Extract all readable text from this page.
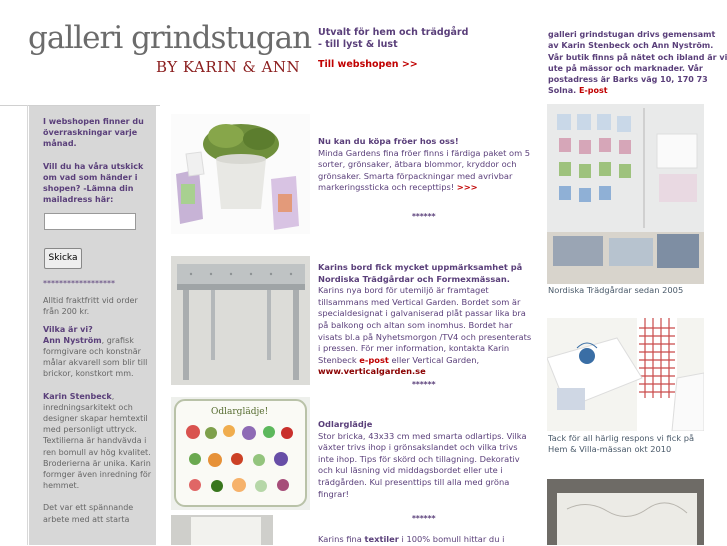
galleri grindstugan
BY KARIN & ANN
Utvalt för hem och trädgård
- till lyst & lust
Till webshopen >>
galleri grindstugan drivs gemensamt av Karin Stenbeck och Ann Nyström. Vår butik finns på nätet och ibland är vi ute på mässor och marknader. Vår postadress är Barks väg 10, 170 73 Solna. E-post
I webshopen finner du överraskningar varje månad.
Vill du ha våra utskick om vad som händer i shopen? -Lämna din mailadress här:
Skicka
******************
Alltid fraktfritt vid order från 200 kr.
Vilka är vi?
Ann Nyström, grafisk formgivare och konstnär målar akvarell som blir till brickor, konstkort mm.
Karin Stenbeck, inredningsarkitekt och designer skapar hemtextil med personligt uttryck. Textilierna är handvävda i ren bomull av hög kvalitet. Broderierna är unika. Karin formger även inredning för hemmet.
Det var ett spännande arbete med att starta
Odlarglädje!
Nu kan du köpa fröer hos oss!
Minda Gardens fina fröer finns i färdiga paket om 5 sorter, grönsaker, ätbara blommor, kryddor och grönsaker. Smarta förpackningar med avrivbar markeringssticka och recepttips! >>>
******
Karins bord fick mycket uppmärksamhet på Nordiska Trädgårdar och Formexmässan.
Karins nya bord för utemiljö är framtaget tillsammans med Vertical Garden. Bordet som är specialdesignat i galvaniserad plåt passar lika bra på balkong och altan som inomhus. Bordet har visats bl.a på Nyhetsmorgon /TV4 och presenterats i pressen. För mer information, kontakta Karin Stenbeck e-post eller Vertical Garden, www.verticalgarden.se
******
Odlarglädje
Stor bricka, 43x33 cm med smarta odlartips. Vilka växter trivs ihop i grönsakslandet och vilka trivs inte ihop. Tips för skörd och tillagning. Dekorativ och kul läsning vid middagsbordet eller ute i trädgården. Kul presenttips till alla med gröna fingrar!
******
Karins fina textiler i 100% bomull hittar du i
Nordiska Trädgårdar sedan 2005
Tack för all härlig respons vi fick på Hem & Villa-mässan okt 2010
